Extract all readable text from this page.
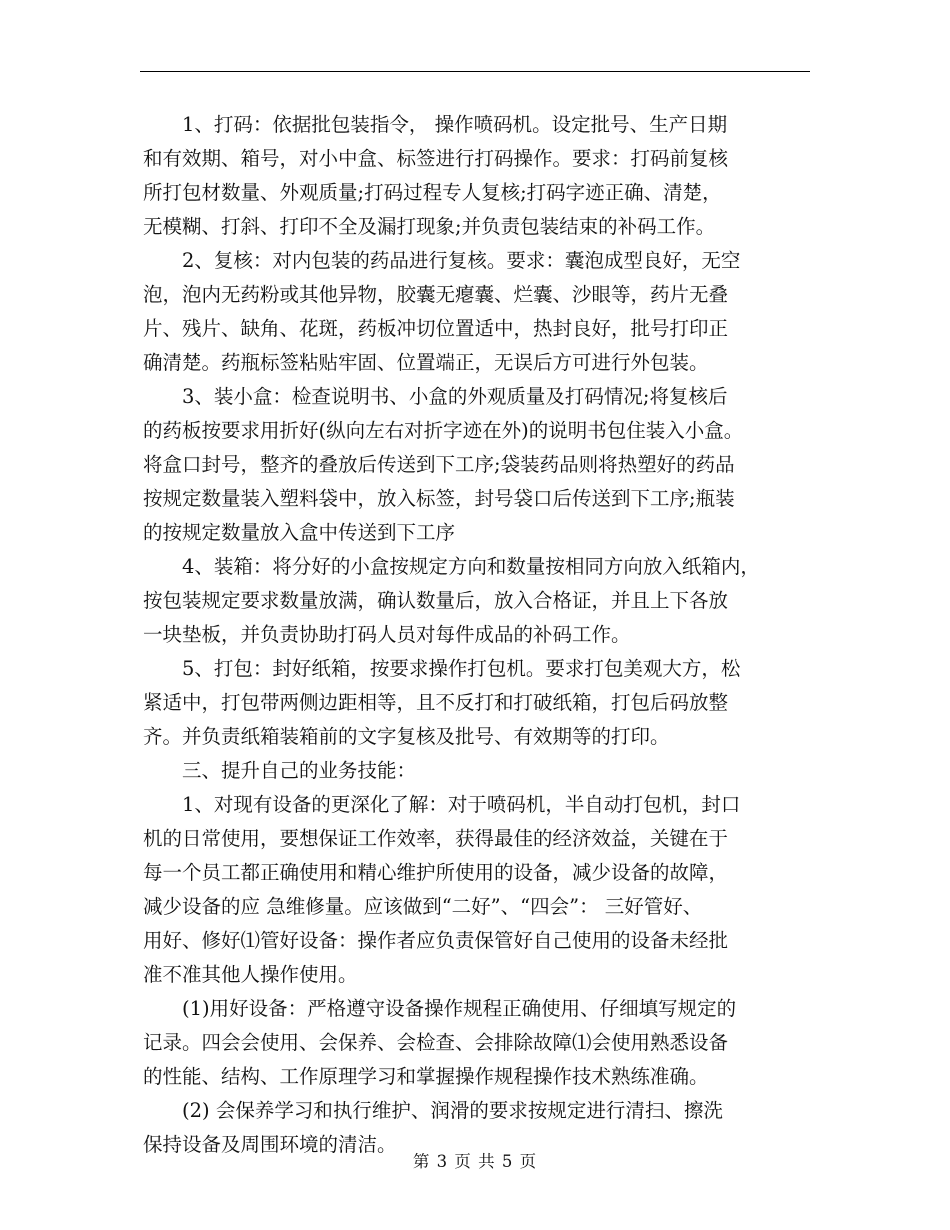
1、打码：依据批包装指令， 操作喷码机。设定批号、生产日期
和有效期、箱号，对小中盒、标签进行打码操作。要求：打码前复核
所打包材数量、外观质量;打码过程专人复核;打码字迹正确、清楚，
无模糊、打斜、打印不全及漏打现象;并负责包装结束的补码工作。
2、复核：对内包装的药品进行复核。要求：囊泡成型良好，无空
泡，泡内无药粉或其他异物，胶囊无瘪囊、烂囊、沙眼等，药片无叠
片、残片、缺角、花斑，药板冲切位置适中，热封良好，批号打印正
确清楚。药瓶标签粘贴牢固、位置端正，无误后方可进行外包装。
3、装小盒：检查说明书、小盒的外观质量及打码情况;将复核后
的药板按要求用折好(纵向左右对折字迹在外)的说明书包住装入小盒。
将盒口封号，整齐的叠放后传送到下工序;袋装药品则将热塑好的药品
按规定数量装入塑料袋中，放入标签，封号袋口后传送到下工序;瓶装
的按规定数量放入盒中传送到下工序
4、装箱：将分好的小盒按规定方向和数量按相同方向放入纸箱内，
按包装规定要求数量放满，确认数量后，放入合格证，并且上下各放
一块垫板，并负责协助打码人员对每件成品的补码工作。
5、打包：封好纸箱，按要求操作打包机。要求打包美观大方，松
紧适中，打包带两侧边距相等，且不反打和打破纸箱，打包后码放整
齐。并负责纸箱装箱前的文字复核及批号、有效期等的打印。
三、提升自己的业务技能：
1、对现有设备的更深化了解：对于喷码机，半自动打包机，封口
机的日常使用，要想保证工作效率，获得最佳的经济效益，关键在于
每一个员工都正确使用和精心维护所使用的设备，减少设备的故障，
减少设备的应 急维修量。应该做到“二好”、“四会”： 三好管好、
用好、修好⑴管好设备：操作者应负责保管好自己使用的设备未经批
准不准其他人操作使用。
(1)用好设备：严格遵守设备操作规程正确使用、仔细填写规定的
记录。四会会使用、会保养、会检查、会排除故障⑴会使用熟悉设备
的性能、结构、工作原理学习和掌握操作规程操作技术熟练准确。
(2) 会保养学习和执行维护、润滑的要求按规定进行清扫、擦洗
保持设备及周围环境的清洁。
第 3 页 共 5 页
